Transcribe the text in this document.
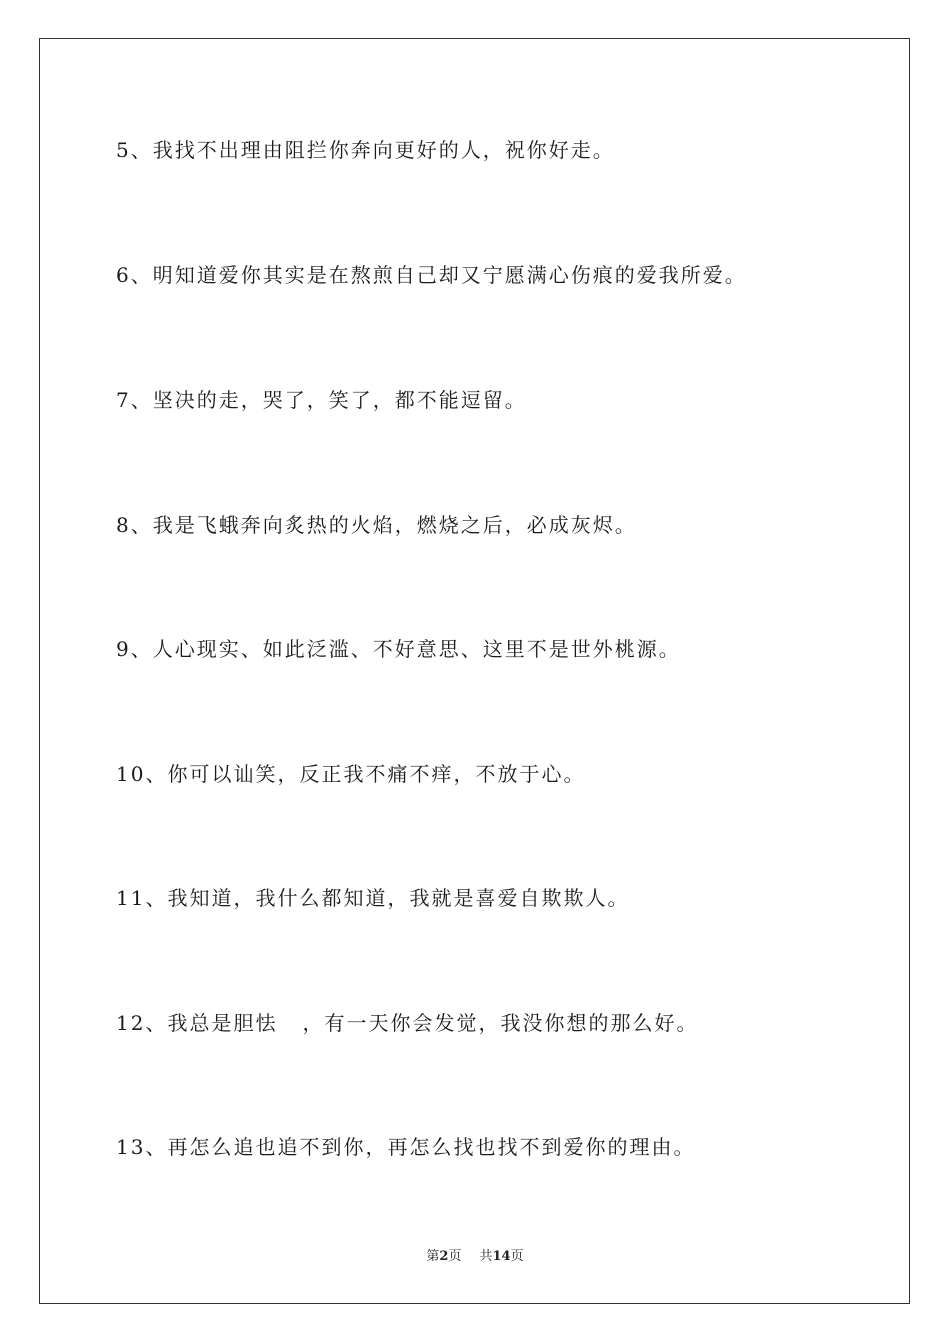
5、我找不出理由阻拦你奔向更好的人，祝你好走。
6、明知道爱你其实是在熬煎自己却又宁愿满心伤痕的爱我所爱。
7、坚决的走，哭了，笑了，都不能逗留。
8、我是飞蛾奔向炙热的火焰，燃烧之后，必成灰烬。
9、人心现实、如此泛滥、不好意思、这里不是世外桃源。
10、你可以讪笑，反正我不痛不痒，不放于心。
11、我知道，我什么都知道，我就是喜爱自欺欺人。
12、我总是胆怯   ，有一天你会发觉，我没你想的那么好。
13、再怎么追也追不到你，再怎么找也找不到爱你的理由。
第2页 共14页
